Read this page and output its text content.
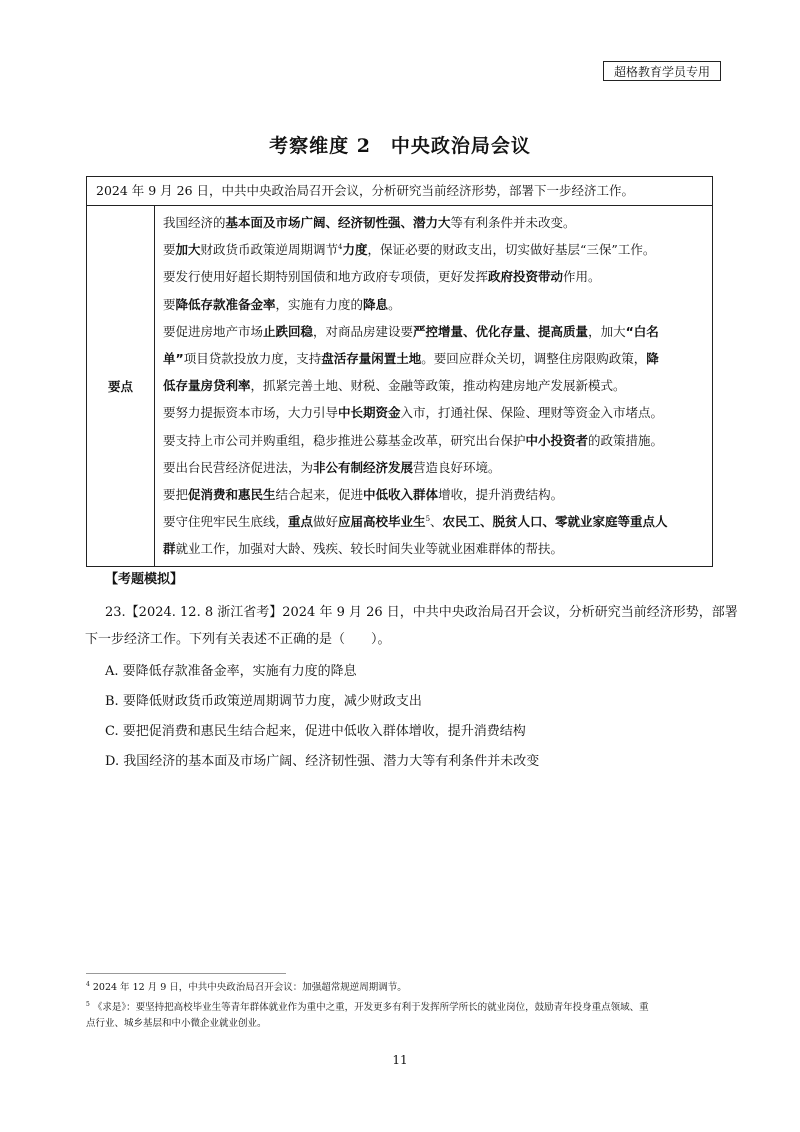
超格教育学员专用
考察维度 2　中央政治局会议
2024 年 9 月 26 日，中共中央政治局召开会议，分析研究当前经济形势，部署下一步经济工作。
要点	

我国经济的基本面及市场广阔、经济韧性强、潜力大等有利条件并未改变。

要加大财政货币政策逆周期调节$^4$力度，保证必要的财政支出，切实做好基层“三保”工作。

要发行使用好超长期特别国债和地方政府专项债，更好发挥政府投资带动作用。

要降低存款准备金率，实施有力度的降息。

要促进房地产市场止跌回稳，对商品房建设要严控增量、优化存量、提高质量，加大“白名

单”项目贷款投放力度，支持盘活存量闲置土地。要回应群众关切，调整住房限购政策，降

低存量房贷利率，抓紧完善土地、财税、金融等政策，推动构建房地产发展新模式。

要努力提振资本市场，大力引导中长期资金入市，打通社保、保险、理财等资金入市堵点。

要支持上市公司并购重组，稳步推进公募基金改革，研究出台保护中小投资者的政策措施。

要出台民营经济促进法，为非公有制经济发展营造良好环境。

要把促消费和惠民生结合起来，促进中低收入群体增收，提升消费结构。

要守住兜牢民生底线，重点做好应届高校毕业生$^5$、农民工、脱贫人口、零就业家庭等重点人

群就业工作，加强对大龄、残疾、较长时间失业等就业困难群体的帮扶。

【考题模拟】
23.【2024. 12. 8 浙江省考】2024 年 9 月 26 日，中共中央政治局召开会议，分析研究当前经济形势，部署
下一步经济工作。下列有关表述不正确的是（　　）。
A. 要降低存款准备金率，实施有力度的降息
B. 要降低财政货币政策逆周期调节力度，减少财政支出
C. 要把促消费和惠民生结合起来，促进中低收入群体增收，提升消费结构
D. 我国经济的基本面及市场广阔、经济韧性强、潜力大等有利条件并未改变
$^4$ 2024 年 12 月 9 日，中共中央政治局召开会议：加强超常规逆周期调节。
$^5$ 《求是》：要坚持把高校毕业生等青年群体就业作为重中之重，开发更多有利于发挥所学所长的就业岗位，鼓励青年投身重点领域、重
点行业、城乡基层和中小微企业就业创业。
11
